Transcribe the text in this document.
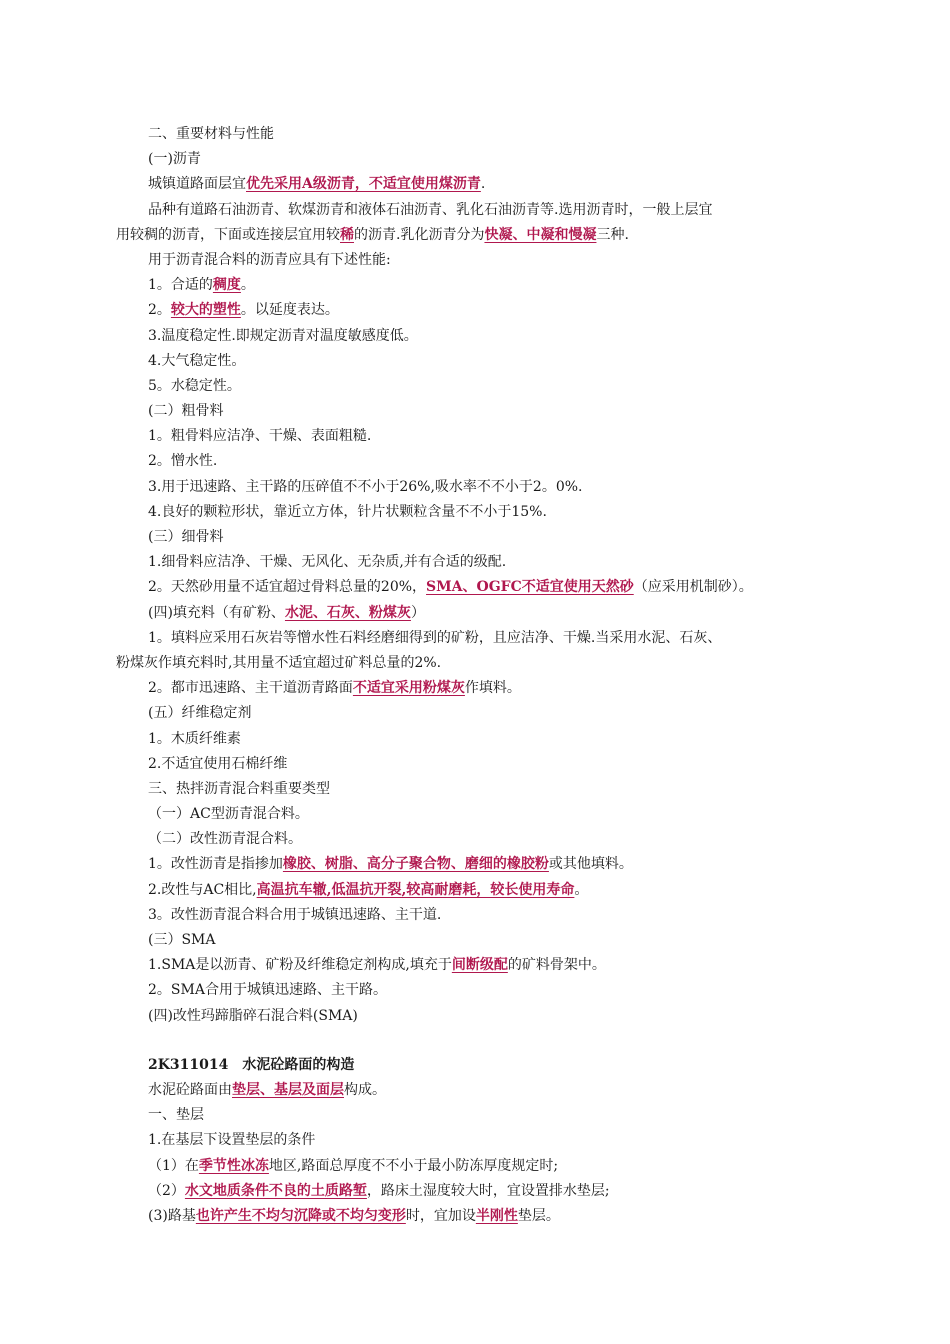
二、重要材料与性能
(一)沥青
城镇道路面层宜优先采用A级沥青，不适宜使用煤沥青.
品种有道路石油沥青、软煤沥青和液体石油沥青、乳化石油沥青等.选用沥青时，一般上层宜
用较稠的沥青，下面或连接层宜用较稀的沥青.乳化沥青分为快凝、中凝和慢凝三种.
用于沥青混合料的沥青应具有下述性能:
1。合适的稠度。
2。较大的塑性。以延度表达。
3.温度稳定性.即规定沥青对温度敏感度低。
4.大气稳定性。
5。水稳定性。
(二）粗骨料
1。粗骨料应洁净、干燥、表面粗糙.
2。憎水性.
3.用于迅速路、主干路的压碎值不不小于26%,吸水率不不小于2。0%.
4.良好的颗粒形状，靠近立方体，针片状颗粒含量不不小于15%.
(三）细骨料
1.细骨料应洁净、干燥、无风化、无杂质,并有合适的级配.
2。天然砂用量不适宜超过骨料总量的20%，SMA、OGFC不适宜使用天然砂（应采用机制砂）。
(四)填充料（有矿粉、水泥、石灰、粉煤灰）
1。填料应采用石灰岩等憎水性石料经磨细得到的矿粉，且应洁净、干燥.当采用水泥、石灰、
粉煤灰作填充料时,其用量不适宜超过矿料总量的2%.
2。都市迅速路、主干道沥青路面不适宜采用粉煤灰作填料。
(五）纤维稳定剂
1。木质纤维素
2.不适宜使用石棉纤维
三、热拌沥青混合料重要类型
（一）AC型沥青混合料。
（二）改性沥青混合料。
1。改性沥青是指掺加橡胶、树脂、高分子聚合物、磨细的橡胶粉或其他填料。
2.改性与AC相比,高温抗车辙,低温抗开裂,较高耐磨耗，较长使用寿命。
3。改性沥青混合料合用于城镇迅速路、主干道.
(三）SMA
1.SMA是以沥青、矿粉及纤维稳定剂构成,填充于间断级配的矿料骨架中。
2。SMA合用于城镇迅速路、主干路。
(四)改性玛蹄脂碎石混合料(SMA)
2K311014　水泥砼路面的构造
水泥砼路面由垫层、基层及面层构成。
一、垫层
1.在基层下设置垫层的条件
（1）在季节性冰冻地区,路面总厚度不不小于最小防冻厚度规定时;
（2）水文地质条件不良的土质路堑，路床土湿度较大时，宜设置排水垫层;
(3)路基也许产生不均匀沉降或不均匀变形时，宜加设半刚性垫层。
